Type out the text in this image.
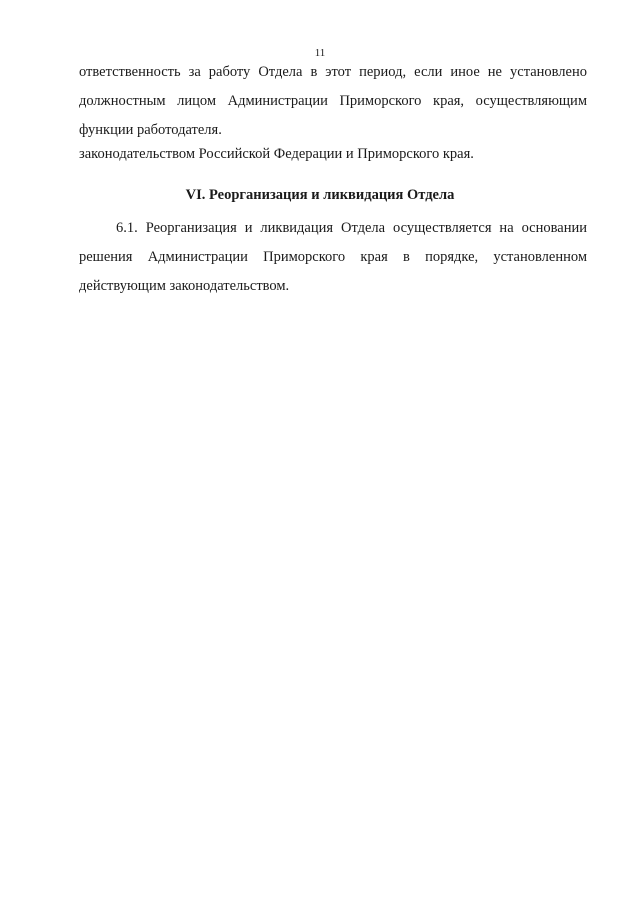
11
ответственность за работу Отдела в этот период, если иное не установлено
должностным лицом Администрации Приморского края, осуществляющим
функции работодателя.
законодательством Российской Федерации и Приморского края.
VI. Реорганизация и ликвидация Отдела
6.1. Реорганизация и ликвидация Отдела осуществляется на основании
решения Администрации Приморского края в порядке, установленном
действующим законодательством.
